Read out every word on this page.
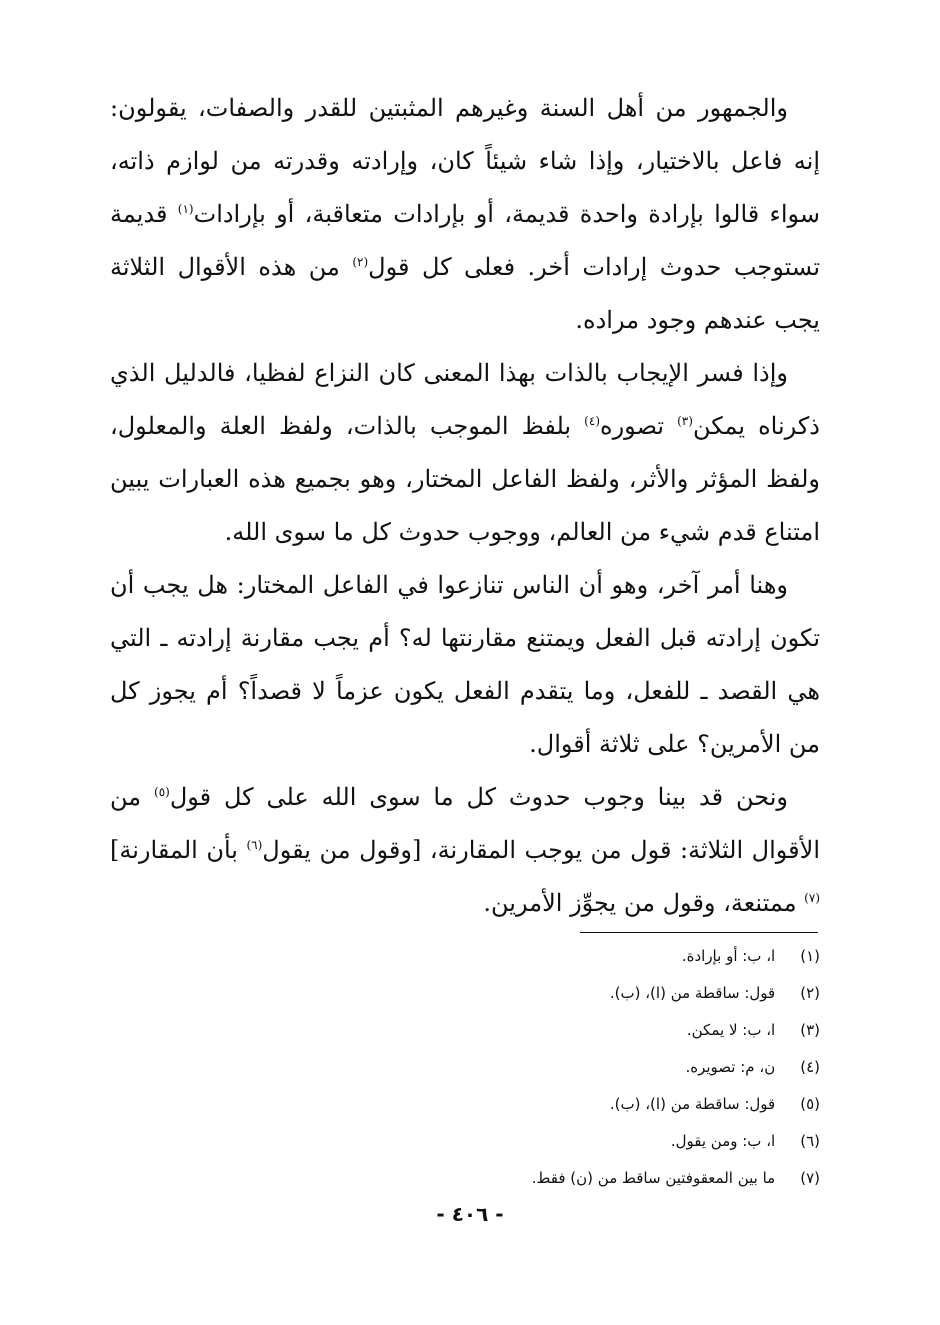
والجمهور من أهل السنة وغيرهم المثبتين للقدر والصفات، يقولون: إنه فاعل بالاختيار، وإذا شاء شيئاً كان، وإرادته وقدرته من لوازم ذاته، سواء قالوا بإرادة واحدة قديمة، أو بإرادات متعاقبة، أو بإرادات$^{(١)}$ قديمة تستوجب حدوث إرادات أخر. فعلى كل قول$^{(٢)}$ من هذه الأقوال الثلاثة يجب عندهم وجود مراده.

وإذا فسر الإيجاب بالذات بهذا المعنى كان النزاع لفظيا، فالدليل الذي ذكرناه يمكن$^{(٣)}$ تصوره$^{(٤)}$ بلفظ الموجب بالذات، ولفظ العلة والمعلول، ولفظ المؤثر والأثر، ولفظ الفاعل المختار، وهو بجميع هذه العبارات يبين امتناع قدم شيء من العالم، ووجوب حدوث كل ما سوى الله.

وهنا أمر آخر، وهو أن الناس تنازعوا في الفاعل المختار: هل يجب أن تكون إرادته قبل الفعل ويمتنع مقارنتها له؟ أم يجب مقارنة إرادته ـ التي هي القصد ـ للفعل، وما يتقدم الفعل يكون عزماً لا قصداً؟ أم يجوز كل من الأمرين؟ على ثلاثة أقوال.

ونحن قد بينا وجوب حدوث كل ما سوى الله على كل قول$^{(٥)}$ من الأقوال الثلاثة: قول من يوجب المقارنة، [وقول من يقول$^{(٦)}$ بأن المقارنة]$^{(٧)}$ ممتنعة، وقول من يجوِّز الأمرين.

(١) ا، ب: أو بإرادة.
(٢) قول: ساقطة من (ا)، (ب).
(٣) ا، ب: لا يمكن.
(٤) ن، م: تصويره.
(٥) قول: ساقطة من (ا)، (ب).
(٦) ا، ب: ومن يقول.
(٧) ما بين المعقوفتين ساقط من (ن) فقط.
- ٤٠٦ -
